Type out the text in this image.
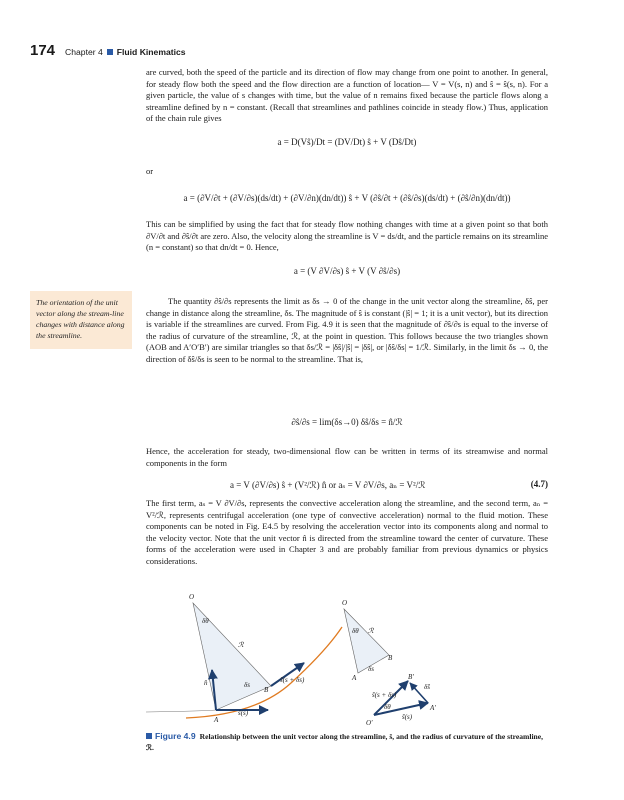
174 Chapter 4 Fluid Kinematics

are curved, both the speed of the particle and its direction of flow may change from one point to another. In general, for steady flow both the speed and the flow direction are a function of location— V = V(s, n) and ŝ = ŝ(s, n). For a given particle, the value of s changes with time, but the value of n remains fixed because the particle flows along a streamline defined by n = constant. (Recall that streamlines and pathlines coincide in steady flow.) Thus, application of the chain rule gives

a = D(Vŝ)/Dt = (DV/Dt) ŝ + V (Dŝ/Dt)
or
a = (∂V/∂t + (∂V/∂s)(ds/dt) + (∂V/∂n)(dn/dt)) ŝ + V (∂ŝ/∂t + (∂ŝ/∂s)(ds/dt) + (∂ŝ/∂n)(dn/dt))

This can be simplified by using the fact that for steady flow nothing changes with time at a given point so that both ∂V/∂t and ∂ŝ/∂t are zero. Also, the velocity along the streamline is V = ds/dt, and the particle remains on its streamline (n = constant) so that dn/dt = 0. Hence,

a = (V ∂V/∂s) ŝ + V (V ∂ŝ/∂s)
The orientation of the unit vector along the stream-line changes with distance along the streamline.

The quantity ∂ŝ/∂s represents the limit as δs → 0 of the change in the unit vector along the streamline, δŝ, per change in distance along the streamline, δs. The magnitude of ŝ is constant (|ŝ| = 1; it is a unit vector), but its direction is variable if the streamlines are curved. From Fig. 4.9 it is seen that the magnitude of ∂ŝ/∂s is equal to the inverse of the radius of curvature of the streamline, ℛ, at the point in question. This follows because the two triangles shown (AOB and A′O′B′) are similar triangles so that δs/ℛ = |δŝ|/|ŝ| = |δŝ|, or |δŝ/δs| = 1/ℛ. Similarly, in the limit δs → 0, the direction of δŝ/δs is seen to be normal to the streamline. That is,

∂ŝ/∂s = lim(δs→0) δŝ/δs = n̂/ℛ

Hence, the acceleration for steady, two-dimensional flow can be written in terms of its streamwise and normal components in the form

a = V (∂V/∂s) ŝ + (V²/ℛ) n̂ or aₛ = V ∂V/∂s, aₙ = V²/ℛ	(4.7)

The first term, aₛ = V ∂V/∂s, represents the convective acceleration along the streamline, and the second term, aₙ = V²/ℛ, represents centrifugal acceleration (one type of convective acceleration) normal to the fluid motion. These components can be noted in Fig. E4.5 by resolving the acceleration vector into its components along and normal to the velocity vector. Note that the unit vector n̂ is directed from the streamline toward the center of curvature. These forms of the acceleration were used in Chapter 3 and are probably familiar from previous dynamics or physics considerations.

O
δθ
ℛ
n̂	δs
B
A
ŝ(s)
ŝ(s + δs)
O
δθ ℛ
A
B
δs
O′
A′
B′
δθ
ŝ(s)
ŝ(s + δs)
δŝ
Figure 4.9 Relationship between the unit vector along the streamline, ŝ, and the radius of curvature of the streamline, ℛ.
